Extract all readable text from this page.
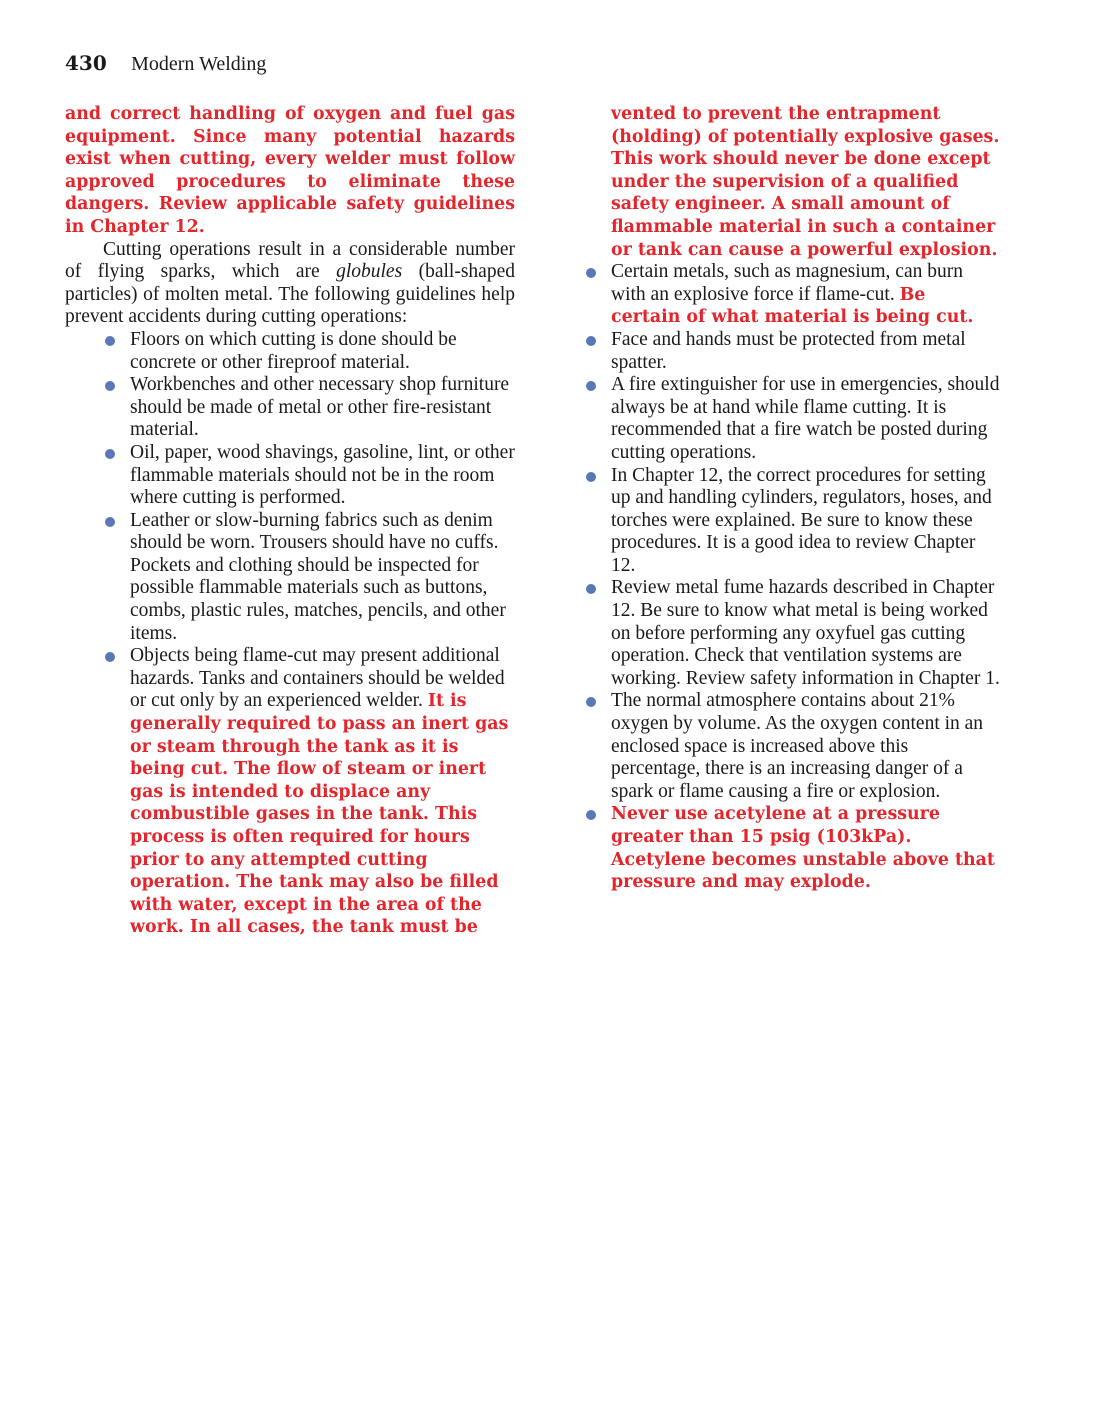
430 Modern Welding

and correct handling of oxygen and fuel gas equipment. Since many potential hazards exist when cutting, every welder must follow approved procedures to eliminate these dangers. Review applicable safety guidelines in Chapter 12.

Cutting operations result in a considerable number of flying sparks, which are globules (ball-shaped particles) of molten metal. The following guidelines help prevent accidents during cutting operations:

Floors on which cutting is done should be concrete or other fireproof material.
Workbenches and other necessary shop furniture should be made of metal or other fire-resistant material.
Oil, paper, wood shavings, gasoline, lint, or other flammable materials should not be in the room where cutting is performed.
Leather or slow-burning fabrics such as denim should be worn. Trousers should have no cuffs. Pockets and clothing should be inspected for possible flammable materials such as buttons, combs, plastic rules, matches, pencils, and other items.
Objects being flame-cut may present additional hazards. Tanks and containers should be welded or cut only by an experienced welder. It is generally required to pass an inert gas or steam through the tank as it is being cut. The flow of steam or inert gas is intended to displace any combustible gases in the tank. This process is often required for hours prior to any attempted cutting operation. The tank may also be filled with water, except in the area of the work. In all cases, the tank must be

vented to prevent the entrapment (holding) of potentially explosive gases. This work should never be done except under the supervision of a qualified safety engineer. A small amount of flammable material in such a container or tank can cause a powerful explosion.

Certain metals, such as magnesium, can burn with an explosive force if flame-cut. Be certain of what material is being cut.
Face and hands must be protected from metal spatter.
A fire extinguisher for use in emergencies, should always be at hand while flame cutting. It is recommended that a fire watch be posted during cutting operations.
In Chapter 12, the correct procedures for setting up and handling cylinders, regulators, hoses, and torches were explained. Be sure to know these procedures. It is a good idea to review Chapter 12.
Review metal fume hazards described in Chapter 12. Be sure to know what metal is being worked on before performing any oxyfuel gas cutting operation. Check that ventilation systems are working. Review safety information in Chapter 1.
The normal atmosphere contains about 21% oxygen by volume. As the oxygen content in an enclosed space is increased above this percentage, there is an increasing danger of a spark or flame causing a fire or explosion.
Never use acetylene at a pressure greater than 15 psig (103kPa). Acetylene becomes unstable above that pressure and may explode.
